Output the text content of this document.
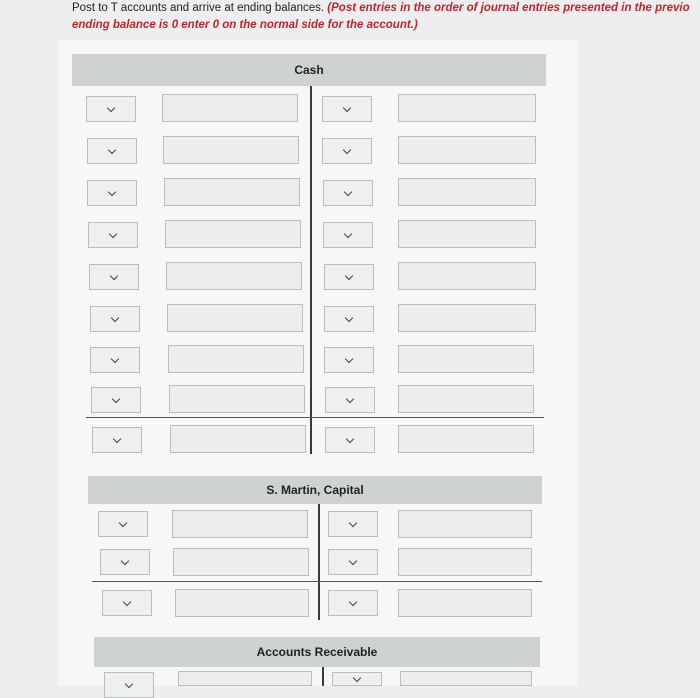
Post to T accounts and arrive at ending balances. (Post entries in the order of journal entries presented in the previo
ending balance is 0 enter 0 on the normal side for the account.)
Cash
S. Martin, Capital
Accounts Receivable
